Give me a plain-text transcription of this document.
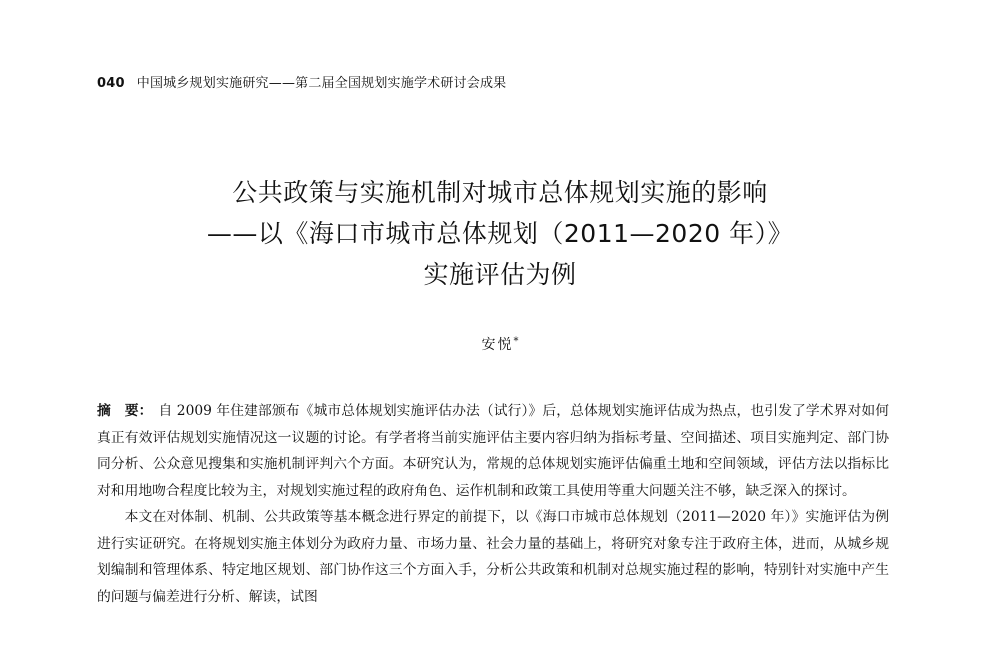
040 中国城乡规划实施研究——第二届全国规划实施学术研讨会成果
公共政策与实施机制对城市总体规划实施的影响
——以《海口市城市总体规划（2011—2020 年）》
实施评估为例
安悦*

摘　要： 自 2009 年住建部颁布《城市总体规划实施评估办法（试行）》后，总体规划实施评估成为热点，也引发了学术界对如何真正有效评估规划实施情况这一议题的讨论。有学者将当前实施评估主要内容归纳为指标考量、空间描述、项目实施判定、部门协同分析、公众意见搜集和实施机制评判六个方面。本研究认为，常规的总体规划实施评估偏重土地和空间领域，评估方法以指标比对和用地吻合程度比较为主，对规划实施过程的政府角色、运作机制和政策工具使用等重大问题关注不够，缺乏深入的探讨。

本文在对体制、机制、公共政策等基本概念进行界定的前提下，以《海口市城市总体规划（2011—2020 年）》实施评估为例进行实证研究。在将规划实施主体划分为政府力量、市场力量、社会力量的基础上，将研究对象专注于政府主体，进而，从城乡规划编制和管理体系、特定地区规划、部门协作这三个方面入手，分析公共政策和机制对总规实施过程的影响，特别针对实施中产生的问题与偏差进行分析、解读，试图
